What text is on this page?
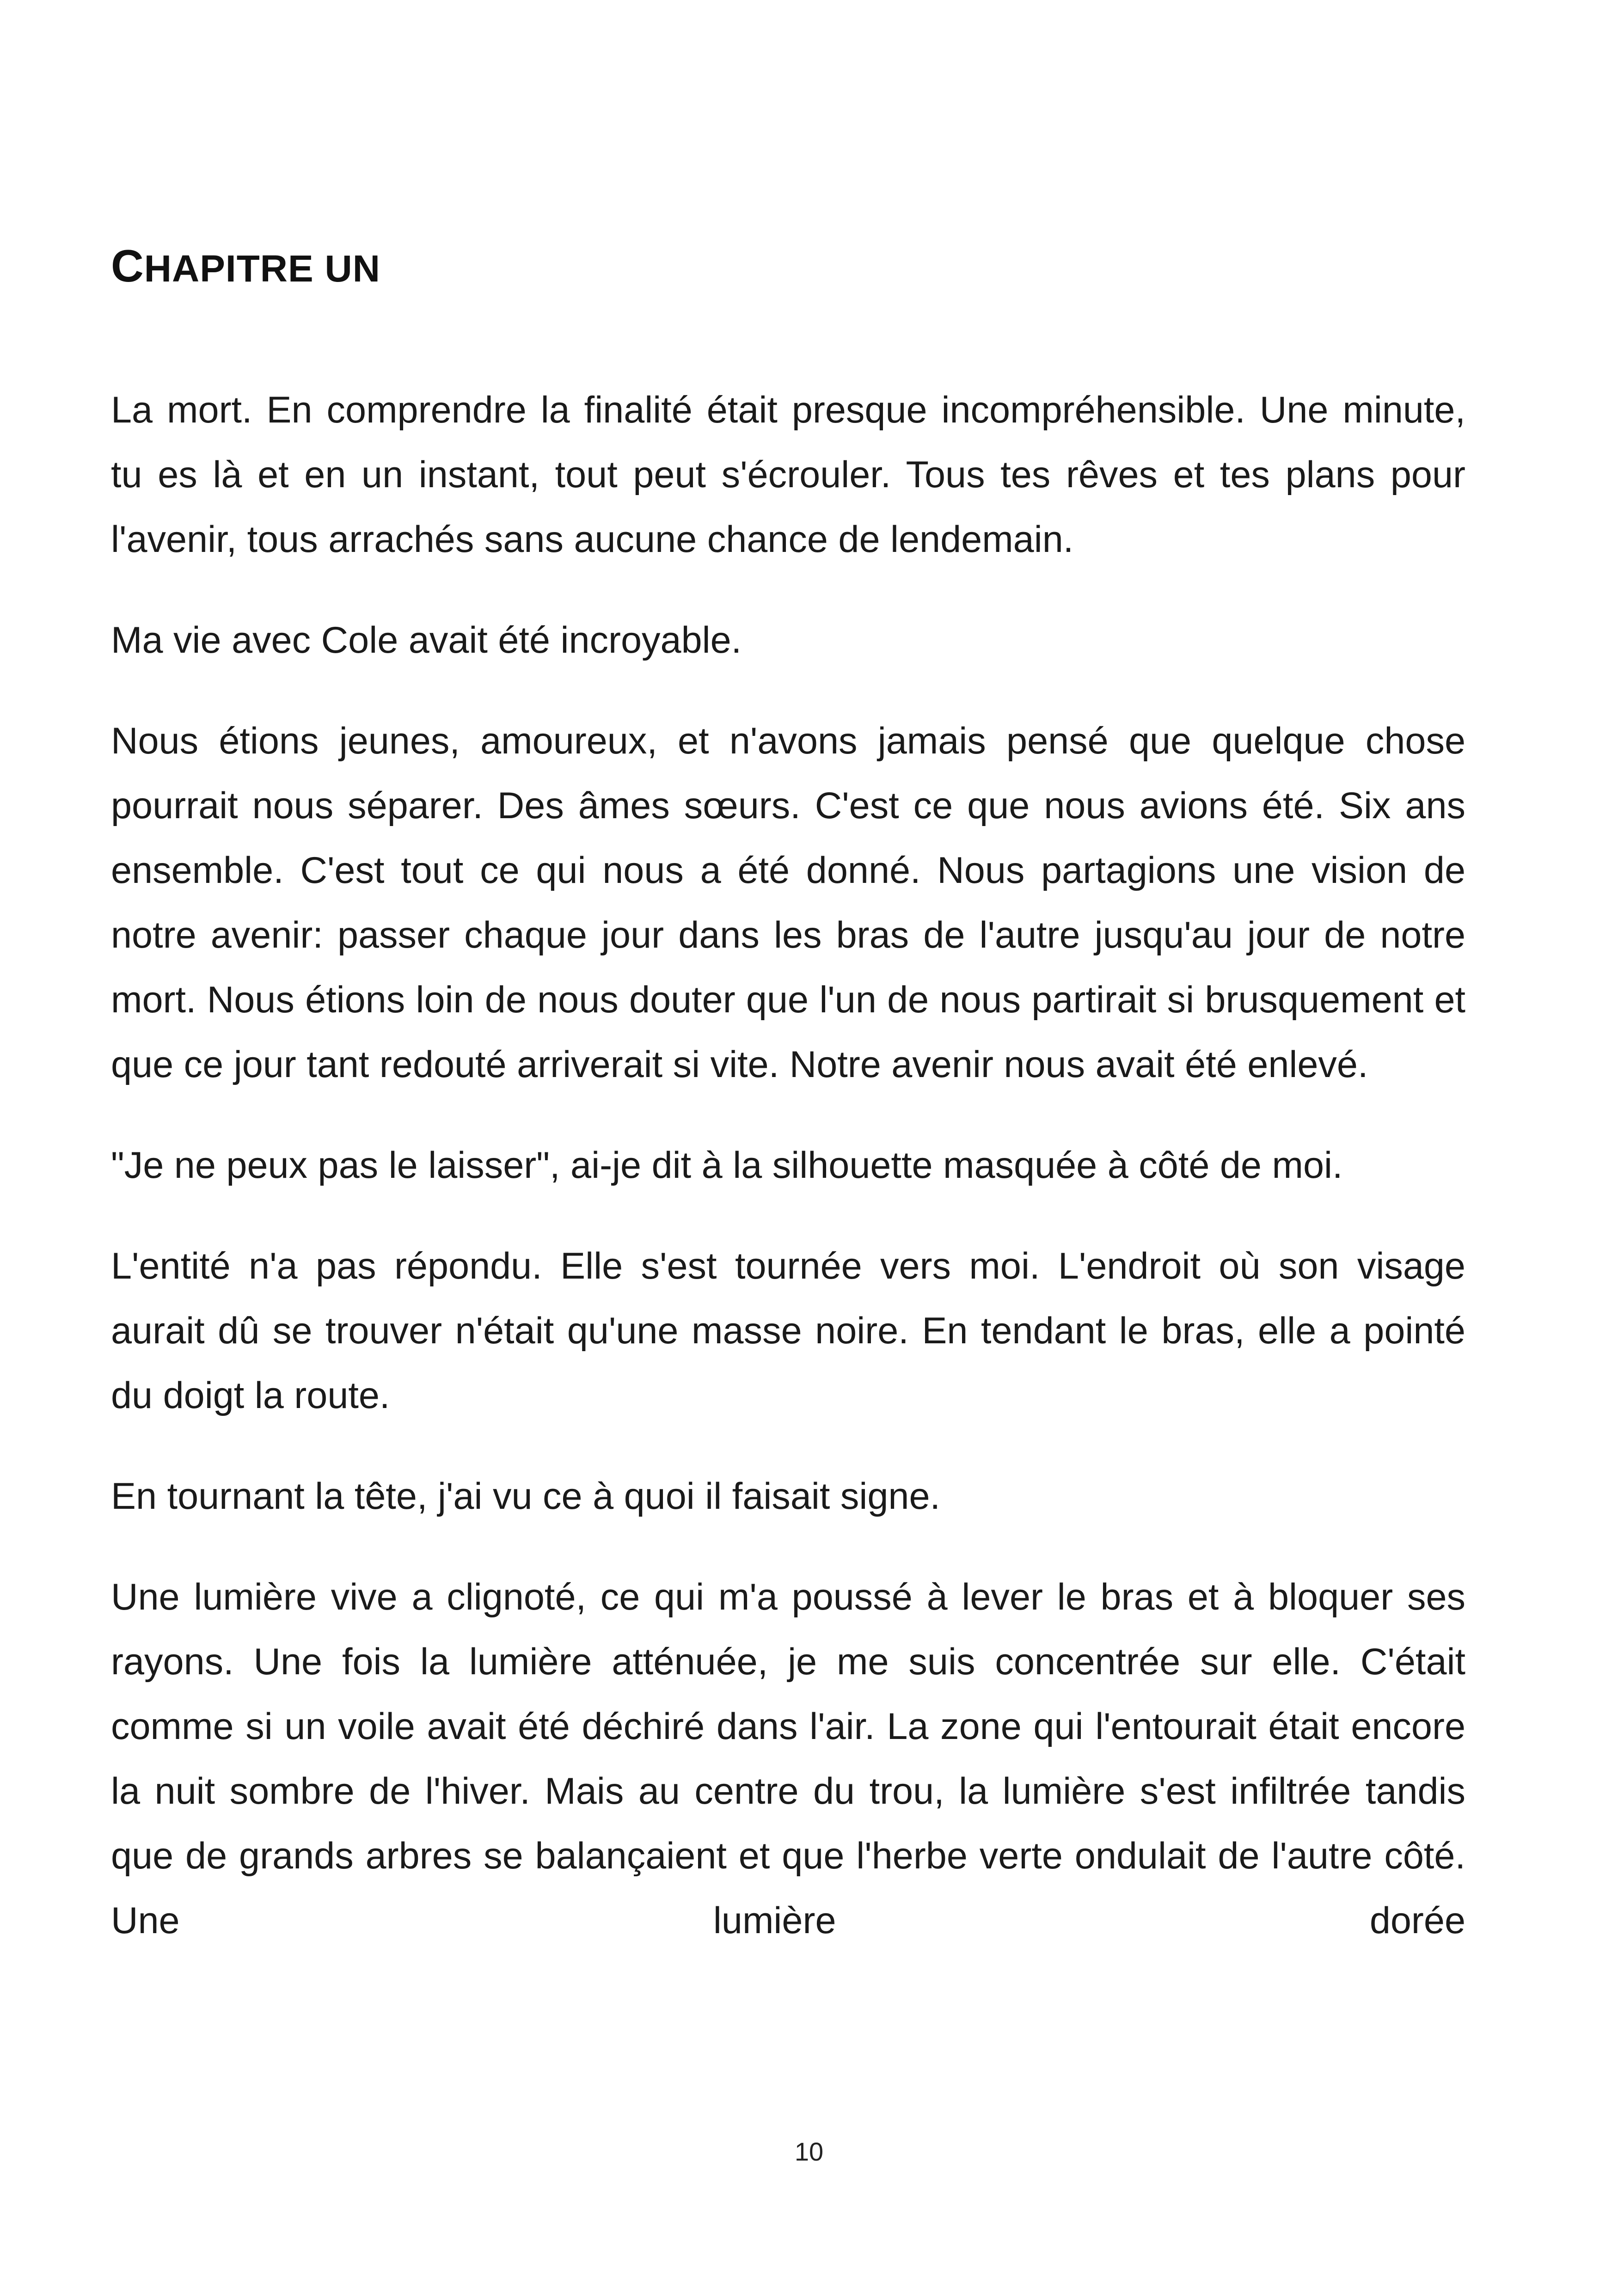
CHAPITRE UN

La mort. En comprendre la finalité était presque incompréhensible. Une minute, tu es là et en un instant, tout peut s'écrouler. Tous tes rêves et tes plans pour l'avenir, tous arrachés sans aucune chance de lendemain.

Ma vie avec Cole avait été incroyable.

Nous étions jeunes, amoureux, et n'avons jamais pensé que quelque chose pourrait nous séparer. Des âmes sœurs. C'est ce que nous avions été. Six ans ensemble. C'est tout ce qui nous a été donné. Nous partagions une vision de notre avenir: passer chaque jour dans les bras de l'autre jusqu'au jour de notre mort. Nous étions loin de nous douter que l'un de nous partirait si brusquement et que ce jour tant redouté arriverait si vite. Notre avenir nous avait été enlevé.

"Je ne peux pas le laisser", ai-je dit à la silhouette masquée à côté de moi.

L'entité n'a pas répondu. Elle s'est tournée vers moi. L'endroit où son visage aurait dû se trouver n'était qu'une masse noire. En tendant le bras, elle a pointé du doigt la route.

En tournant la tête, j'ai vu ce à quoi il faisait signe.

Une lumière vive a clignoté, ce qui m'a poussé à lever le bras et à bloquer ses rayons. Une fois la lumière atténuée, je me suis concentrée sur elle. C'était comme si un voile avait été déchiré dans l'air. La zone qui l'entourait était encore la nuit sombre de l'hiver. Mais au centre du trou, la lumière s'est infiltrée tandis que de grands arbres se balançaient et que l'herbe verte ondulait de l'autre côté. Une lumière dorée

10
